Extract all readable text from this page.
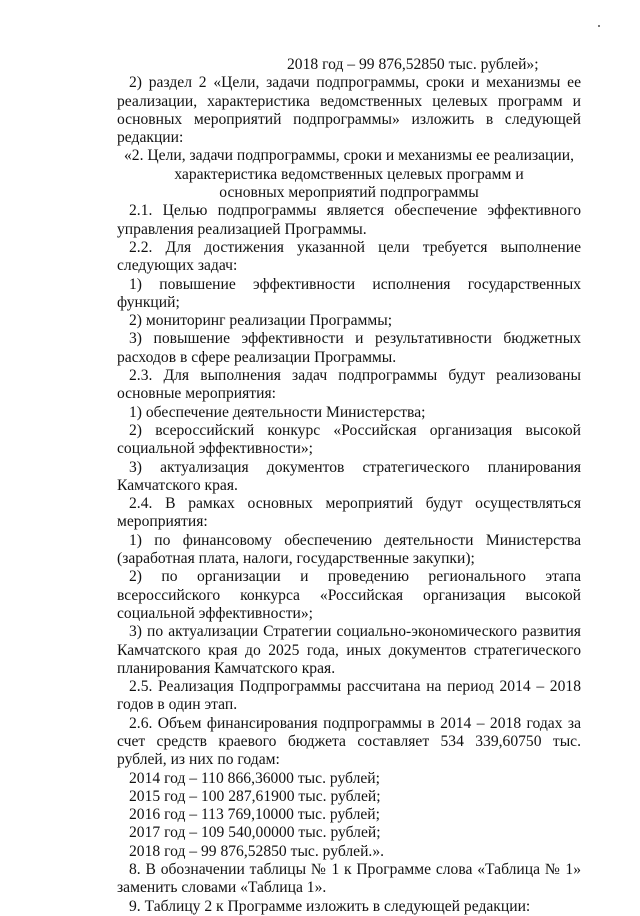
2018 год – 99 876,52850 тыс. рублей»;
2) раздел 2 «Цели, задачи подпрограммы, сроки и механизмы ее реализации, характеристика ведомственных целевых программ и основных мероприятий подпрограммы» изложить в следующей редакции:
«2. Цели, задачи подпрограммы, сроки и механизмы ее реализации,
характеристика ведомственных целевых программ и
основных мероприятий подпрограммы
2.1. Целью подпрограммы является обеспечение эффективного управления реализацией Программы.
2.2. Для достижения указанной цели требуется выполнение следующих задач:
1) повышение эффективности исполнения государственных функций;
2) мониторинг реализации Программы;
3) повышение эффективности и результативности бюджетных расходов в сфере реализации Программы.
2.3. Для выполнения задач подпрограммы будут реализованы основные мероприятия:
1) обеспечение деятельности Министерства;
2) всероссийский конкурс «Российская организация высокой социальной эффективности»;
3) актуализация документов стратегического планирования Камчатского края.
2.4. В рамках основных мероприятий будут осуществляться мероприятия:
1) по финансовому обеспечению деятельности Министерства (заработная плата, налоги, государственные закупки);
2) по организации и проведению регионального этапа всероссийского конкурса «Российская организация высокой социальной эффективности»;
3) по актуализации Стратегии социально-экономического развития Камчатского края до 2025 года, иных документов стратегического планирования Камчатского края.
2.5. Реализация Подпрограммы рассчитана на период 2014 – 2018 годов в один этап.
2.6. Объем финансирования подпрограммы в 2014 – 2018 годах за счет средств краевого бюджета составляет 534 339,60750 тыс. рублей, из них по годам:
2014 год – 110 866,36000 тыс. рублей;
2015 год – 100 287,61900 тыс. рублей;
2016 год – 113 769,10000 тыс. рублей;
2017 год – 109 540,00000 тыс. рублей;
2018 год – 99 876,52850 тыс. рублей.».
8. В обозначении таблицы № 1 к Программе слова «Таблица № 1» заменить словами «Таблица 1».
9. Таблицу 2 к Программе изложить в следующей редакции:
